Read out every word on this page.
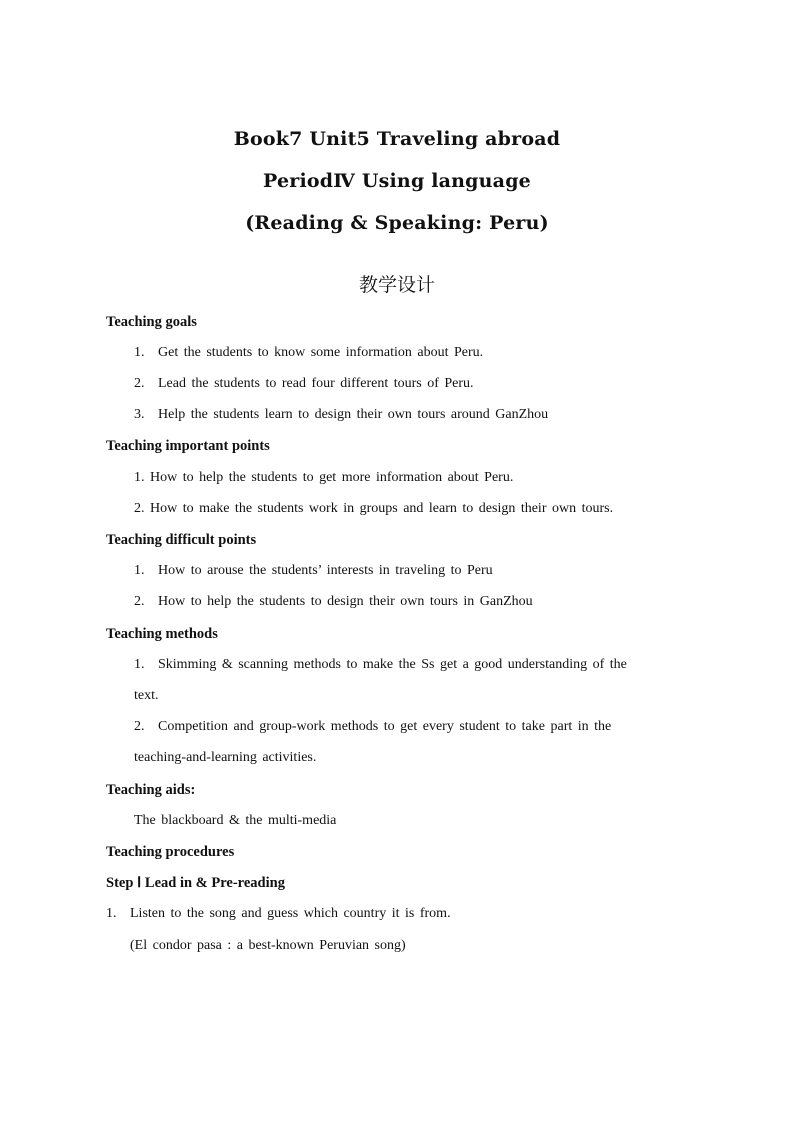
Book7 Unit5 Traveling abroad
PeriodⅣ Using language
(Reading & Speaking: Peru)
教学设计
Teaching goals
1. Get the students to know some information about Peru.
2. Lead the students to read four different tours of Peru.
3. Help the students learn to design their own tours around GanZhou
Teaching important points
1. How to help the students to get more information about Peru.
2. How to make the students work in groups and learn to design their own tours.
Teaching difficult points
1. How to arouse the students’ interests in traveling to Peru
2. How to help the students to design their own tours in GanZhou
Teaching methods
1. Skimming & scanning methods to make the Ss get a good understanding of the
text.
2. Competition and group-work methods to get every student to take part in the
teaching-and-learning activities.
Teaching aids:
The blackboard & the multi-media
Teaching procedures
Step Ⅰ Lead in & Pre-reading
1. Listen to the song and guess which country it is from.
(El condor pasa : a best-known Peruvian song)
